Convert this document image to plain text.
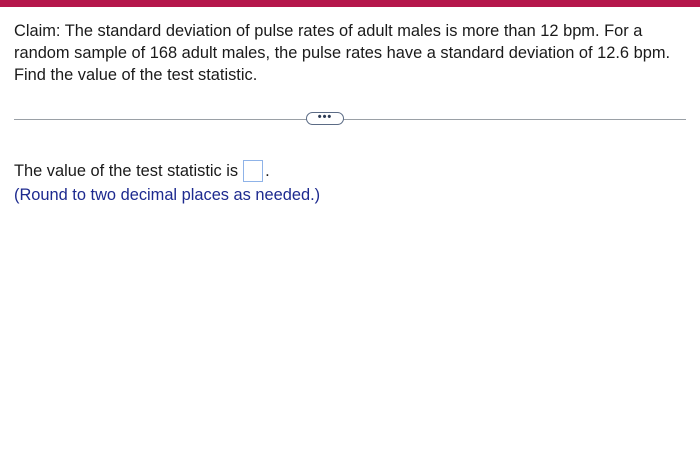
Claim: The standard deviation of pulse rates of adult males is more than 12 bpm. For a random sample of 168 adult males, the pulse rates have a standard deviation of 12.6 bpm. Find the value of the test statistic.
•••
The value of the test statistic is .
(Round to two decimal places as needed.)
